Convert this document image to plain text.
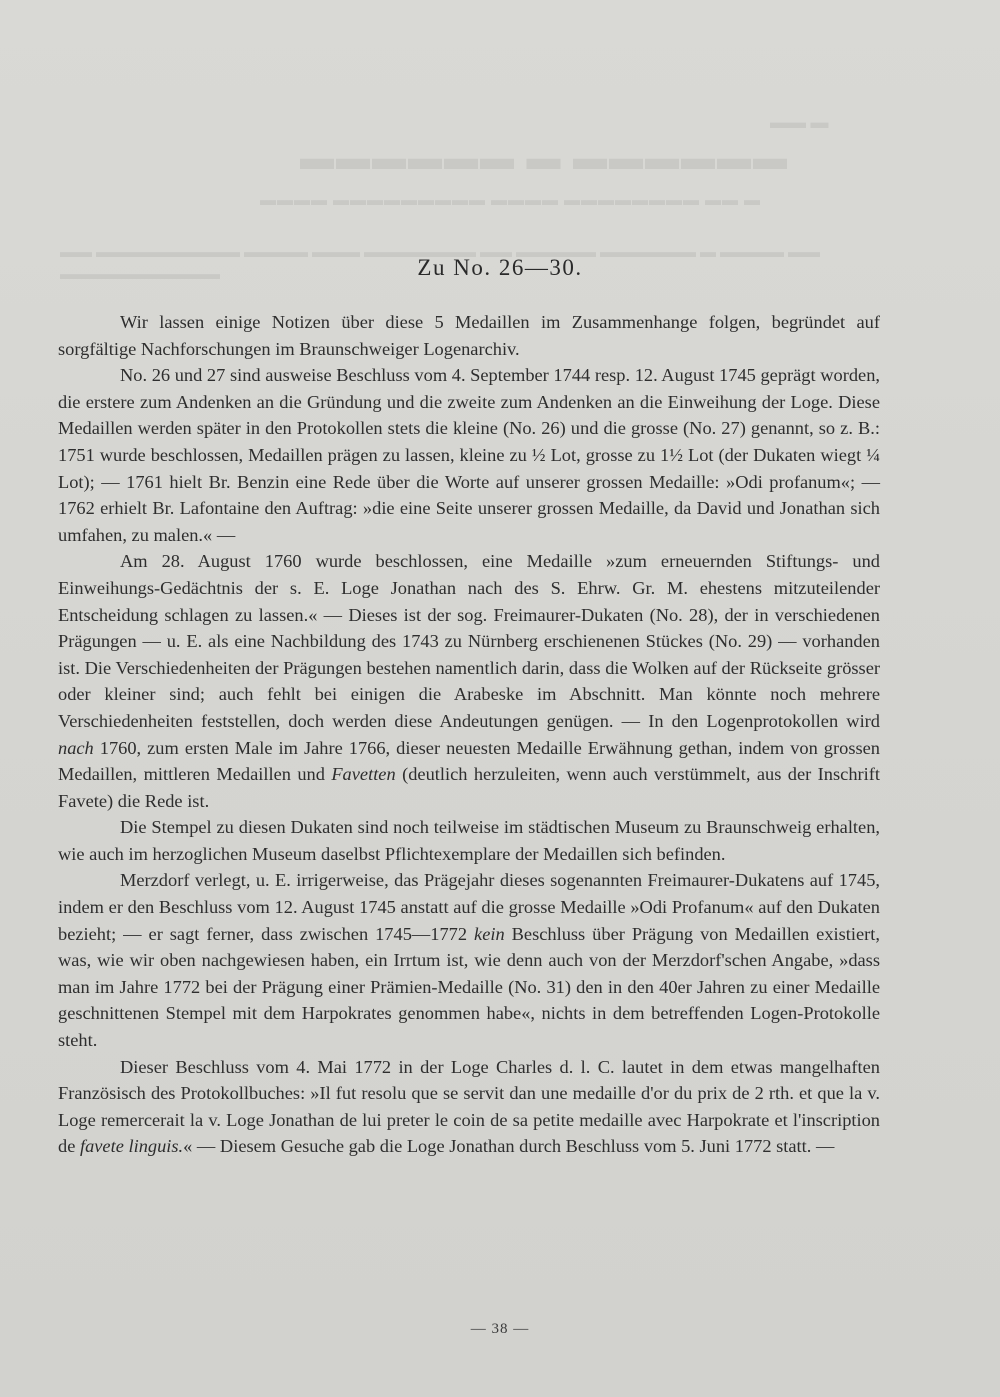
▬▬ ▬
▬▬▬▬▬▬ ▬ ▬▬▬▬▬▬
▬▬▬▬ ▬▬▬▬▬▬▬▬▬ ▬▬▬▬ ▬▬▬▬▬▬▬▬ ▬▬ ▬
▬▬ ▬▬▬▬▬▬▬▬▬ ▬▬▬▬ ▬▬▬ ▬▬▬▬▬▬▬ ▬▬ ▬▬▬▬▬ ▬▬▬▬▬▬ ▬ ▬▬▬▬ ▬▬ ▬▬▬▬▬▬▬▬▬▬	Zu No. 26—30.

Wir lassen einige Notizen über diese 5 Medaillen im Zusammenhange folgen, begründet auf sorgfältige Nachforschungen im Braunschweiger Logenarchiv.

No. 26 und 27 sind ausweise Beschluss vom 4. September 1744 resp. 12. August 1745 geprägt worden, die erstere zum Andenken an die Gründung und die zweite zum Andenken an die Einweihung der Loge. Diese Medaillen werden später in den Protokollen stets die kleine (No. 26) und die grosse (No. 27) genannt, so z. B.: 1751 wurde beschlossen, Medaillen prägen zu lassen, kleine zu ½ Lot, grosse zu 1½ Lot (der Dukaten wiegt ¼ Lot); — 1761 hielt Br. Benzin eine Rede über die Worte auf unserer grossen Medaille: »Odi profanum«; — 1762 erhielt Br. Lafontaine den Auftrag: »die eine Seite unserer grossen Medaille, da David und Jonathan sich umfahen, zu malen.« —

Am 28. August 1760 wurde beschlossen, eine Medaille »zum erneuernden Stiftungs- und Einweihungs-Gedächtnis der s. E. Loge Jonathan nach des S. Ehrw. Gr. M. ehestens mitzuteilender Entscheidung schlagen zu lassen.« — Dieses ist der sog. Freimaurer-Dukaten (No. 28), der in verschiedenen Prägungen — u. E. als eine Nachbildung des 1743 zu Nürnberg erschienenen Stückes (No. 29) — vorhanden ist. Die Verschiedenheiten der Prägungen bestehen namentlich darin, dass die Wolken auf der Rückseite grösser oder kleiner sind; auch fehlt bei einigen die Arabeske im Abschnitt. Man könnte noch mehrere Verschiedenheiten feststellen, doch werden diese Andeutungen genügen. — In den Logenprotokollen wird nach 1760, zum ersten Male im Jahre 1766, dieser neuesten Medaille Erwähnung gethan, indem von grossen Medaillen, mittleren Medaillen und Favetten (deutlich herzuleiten, wenn auch verstümmelt, aus der Inschrift Favete) die Rede ist.

Die Stempel zu diesen Dukaten sind noch teilweise im städtischen Museum zu Braunschweig erhalten, wie auch im herzoglichen Museum daselbst Pflichtexemplare der Medaillen sich befinden.

Merzdorf verlegt, u. E. irrigerweise, das Prägejahr dieses sogenannten Freimaurer-Dukatens auf 1745, indem er den Beschluss vom 12. August 1745 anstatt auf die grosse Medaille »Odi Profanum« auf den Dukaten bezieht; — er sagt ferner, dass zwischen 1745—1772 kein Beschluss über Prägung von Medaillen existiert, was, wie wir oben nachgewiesen haben, ein Irrtum ist, wie denn auch von der Merzdorf'schen Angabe, »dass man im Jahre 1772 bei der Prägung einer Prämien-Medaille (No. 31) den in den 40er Jahren zu einer Medaille geschnittenen Stempel mit dem Harpokrates genommen habe«, nichts in dem betreffenden Logen-Protokolle steht.

Dieser Beschluss vom 4. Mai 1772 in der Loge Charles d. l. C. lautet in dem etwas mangelhaften Französisch des Protokollbuches: »Il fut resolu que se servit dan une medaille d'or du prix de 2 rth. et que la v. Loge remercerait la v. Loge Jonathan de lui preter le coin de sa petite medaille avec Harpokrate et l'inscription de favete linguis.« — Diesem Gesuche gab die Loge Jonathan durch Beschluss vom 5. Juni 1772 statt. —

— 38 —
